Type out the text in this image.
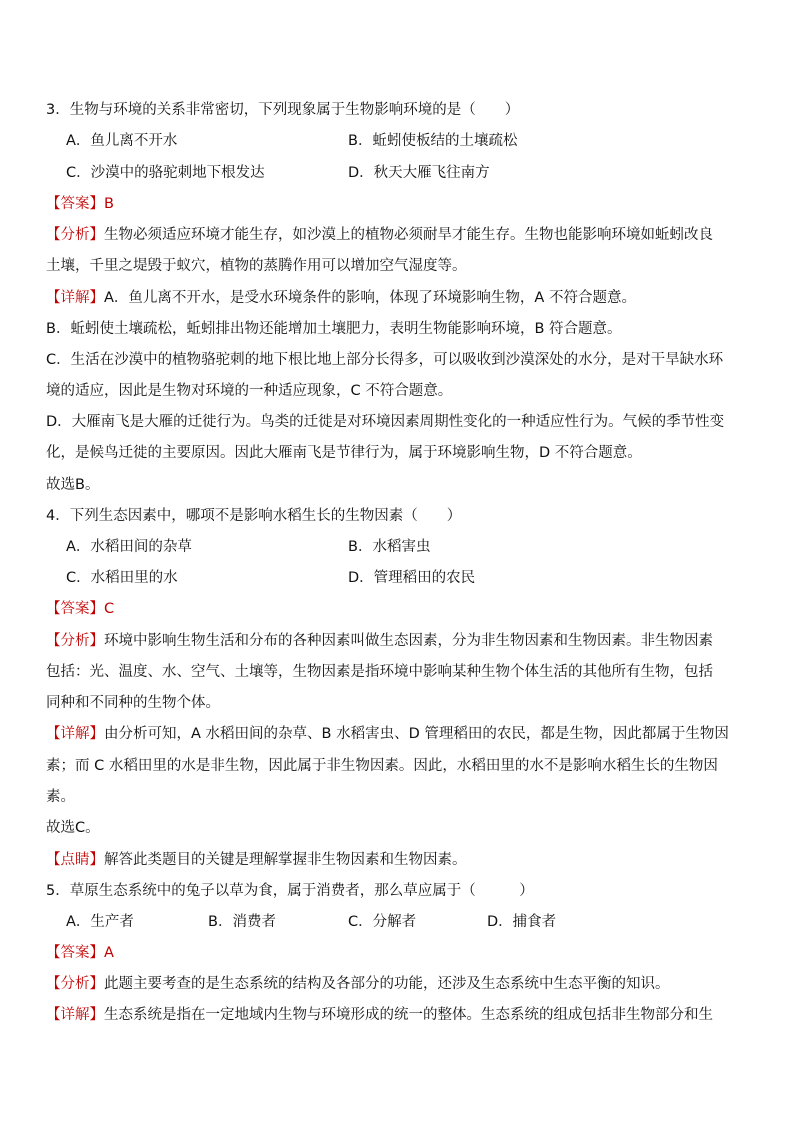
3．生物与环境的关系非常密切，下列现象属于生物影响环境的是（　　）
A．鱼儿离不开水	B．蚯蚓使板结的土壤疏松
C．沙漠中的骆驼刺地下根发达	D．秋天大雁飞往南方
【答案】B
【分析】生物必须适应环境才能生存，如沙漠上的植物必须耐旱才能生存。生物也能影响环境如蚯蚓改良
土壤，千里之堤毁于蚁穴，植物的蒸腾作用可以增加空气湿度等。
【详解】A．鱼儿离不开水，是受水环境条件的影响，体现了环境影响生物，A 不符合题意。
B．蚯蚓使土壤疏松，蚯蚓排出物还能增加土壤肥力，表明生物能影响环境，B 符合题意。
C．生活在沙漠中的植物骆驼刺的地下根比地上部分长得多，可以吸收到沙漠深处的水分，是对干旱缺水环
境的适应，因此是生物对环境的一种适应现象，C 不符合题意。
D．大雁南飞是大雁的迁徙行为。鸟类的迁徙是对环境因素周期性变化的一种适应性行为。气候的季节性变
化，是候鸟迁徙的主要原因。因此大雁南飞是节律行为，属于环境影响生物，D 不符合题意。
故选B。
4．下列生态因素中，哪项不是影响水稻生长的生物因素（　　）
A．水稻田间的杂草	B．水稻害虫
C．水稻田里的水	D．管理稻田的农民
【答案】C
【分析】环境中影响生物生活和分布的各种因素叫做生态因素，分为非生物因素和生物因素。非生物因素
包括：光、温度、水、空气、土壤等，生物因素是指环境中影响某种生物个体生活的其他所有生物，包括
同种和不同种的生物个体。
【详解】由分析可知，A 水稻田间的杂草、B 水稻害虫、D 管理稻田的农民，都是生物，因此都属于生物因
素；而 C 水稻田里的水是非生物，因此属于非生物因素。因此，水稻田里的水不是影响水稻生长的生物因
素。
故选C。
【点睛】解答此类题目的关键是理解掌握非生物因素和生物因素。
5．草原生态系统中的兔子以草为食，属于消费者，那么草应属于（　　　）
A．生产者	B．消费者	C．分解者	D．捕食者
【答案】A
【分析】此题主要考查的是生态系统的结构及各部分的功能，还涉及生态系统中生态平衡的知识。
【详解】生态系统是指在一定地域内生物与环境形成的统一的整体。生态系统的组成包括非生物部分和生
